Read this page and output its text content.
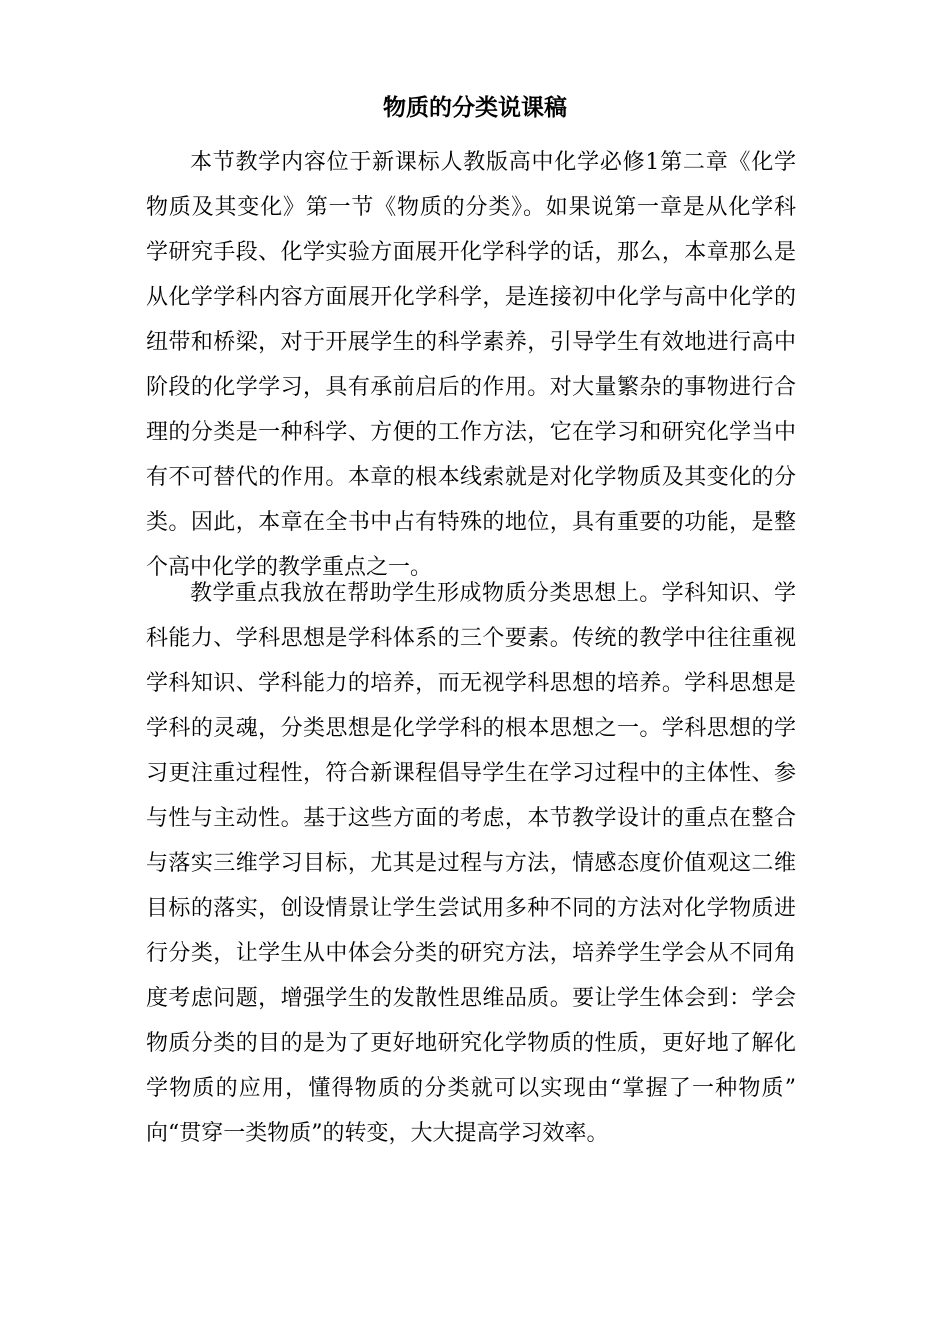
物质的分类说课稿
本节教学内容位于新课标人教版高中化学必修1第二章《化学
物质及其变化》第一节《物质的分类》。如果说第一章是从化学科
学研究手段、化学实验方面展开化学科学的话，那么，本章那么是
从化学学科内容方面展开化学科学，是连接初中化学与高中化学的
纽带和桥梁，对于开展学生的科学素养，引导学生有效地进行高中
阶段的化学学习，具有承前启后的作用。对大量繁杂的事物进行合
理的分类是一种科学、方便的工作方法，它在学习和研究化学当中
有不可替代的作用。本章的根本线索就是对化学物质及其变化的分
类。因此，本章在全书中占有特殊的地位，具有重要的功能，是整
个高中化学的教学重点之一。
教学重点我放在帮助学生形成物质分类思想上。学科知识、学
科能力、学科思想是学科体系的三个要素。传统的教学中往往重视
学科知识、学科能力的培养，而无视学科思想的培养。学科思想是
学科的灵魂，分类思想是化学学科的根本思想之一。学科思想的学
习更注重过程性，符合新课程倡导学生在学习过程中的主体性、参
与性与主动性。基于这些方面的考虑，本节教学设计的重点在整合
与落实三维学习目标，尤其是过程与方法，情感态度价值观这二维
目标的落实，创设情景让学生尝试用多种不同的方法对化学物质进
行分类，让学生从中体会分类的研究方法，培养学生学会从不同角
度考虑问题，增强学生的发散性思维品质。要让学生体会到：学会
物质分类的目的是为了更好地研究化学物质的性质，更好地了解化
学物质的应用，懂得物质的分类就可以实现由“掌握了一种物质”
向“贯穿一类物质”的转变，大大提高学习效率。
